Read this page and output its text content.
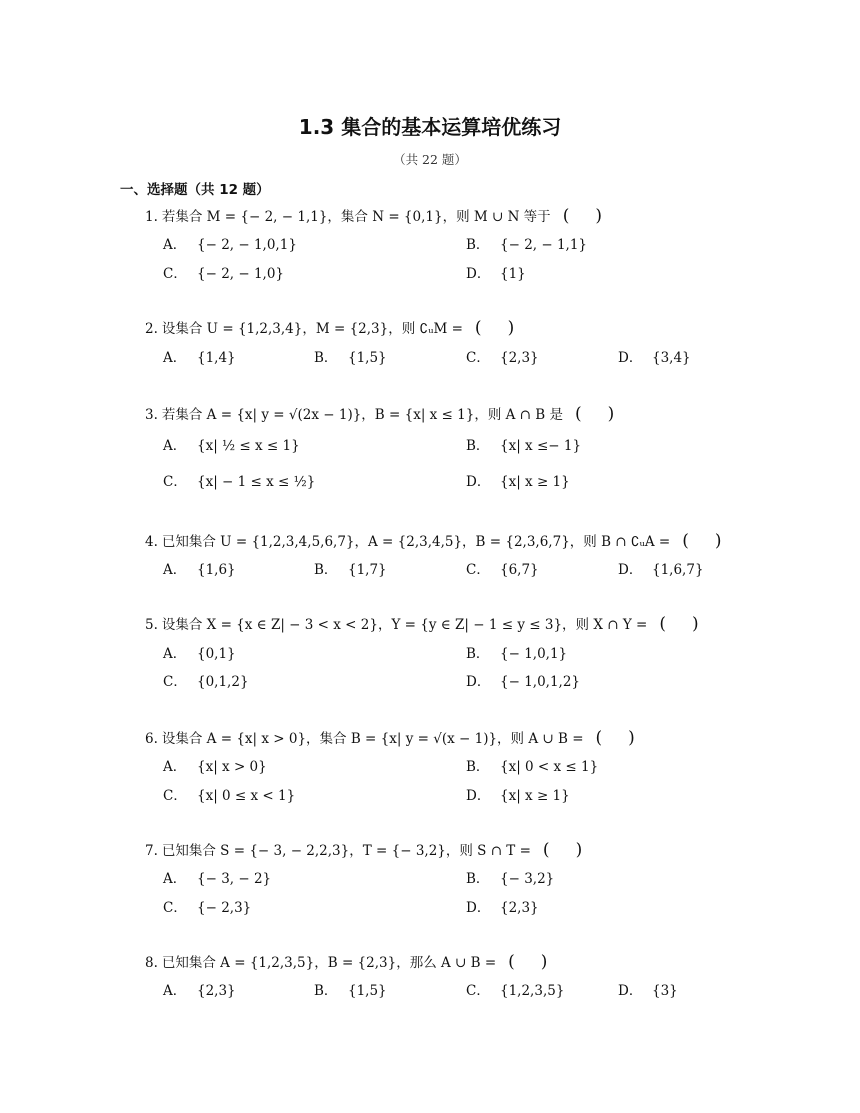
1.3 集合的基本运算培优练习
（共 22 题）
一、选择题（共 12 题）
1. 若集合 M = {− 2, − 1,1}，集合 N = {0,1}，则 M ∪ N 等于 ( )
A． {− 2, − 1,0,1}	B． {− 2, − 1,1}
C． {− 2, − 1,0}	D． {1}
2. 设集合 U = {1,2,3,4}，M = {2,3}，则 ∁ᵤM = ( )
A． {1,4}	B． {1,5}	C． {2,3}	D． {3,4}
3. 若集合 A = {x| y = √(2x − 1)}，B = {x| x ≤ 1}，则 A ∩ B 是 ( )
A． {x| ½ ≤ x ≤ 1}	B． {x| x ≤− 1}
C． {x| − 1 ≤ x ≤ ½}	D． {x| x ≥ 1}
4. 已知集合 U = {1,2,3,4,5,6,7}，A = {2,3,4,5}，B = {2,3,6,7}，则 B ∩ ∁ᵤA = ( )
A． {1,6}	B． {1,7}	C． {6,7}	D． {1,6,7}
5. 设集合 X = {x ∈ Z| − 3 < x < 2}，Y = {y ∈ Z| − 1 ≤ y ≤ 3}，则 X ∩ Y = ( )
A． {0,1}	B． {− 1,0,1}
C． {0,1,2}	D． {− 1,0,1,2}
6. 设集合 A = {x| x > 0}，集合 B = {x| y = √(x − 1)}，则 A ∪ B = ( )
A． {x| x > 0}	B． {x| 0 < x ≤ 1}
C． {x| 0 ≤ x < 1}	D． {x| x ≥ 1}
7. 已知集合 S = {− 3, − 2,2,3}，T = {− 3,2}，则 S ∩ T = ( )
A． {− 3, − 2}	B． {− 3,2}
C． {− 2,3}	D． {2,3}
8. 已知集合 A = {1,2,3,5}，B = {2,3}，那么 A ∪ B = ( )
A． {2,3}	B． {1,5}	C． {1,2,3,5}	D． {3}
